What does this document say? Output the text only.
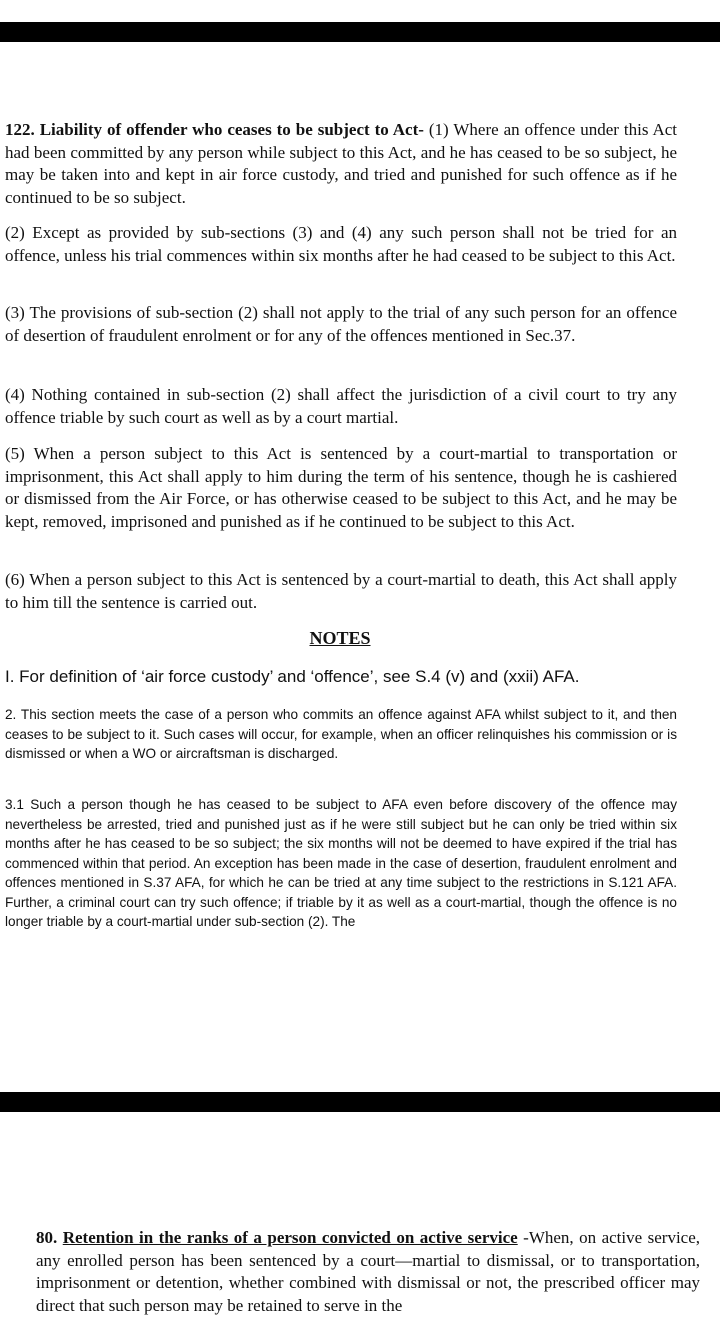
122. Liability of offender who ceases to be subject to Act- (1) Where an offence under this Act had been committed by any person while subject to this Act, and he has ceased to be so subject, he may be taken into and kept in air force custody, and tried and punished for such offence as if he continued to be so subject.

(2) Except as provided by sub-sections (3) and (4) any such person shall not be tried for an offence, unless his trial commences within six months after he had ceased to be subject to this Act.

(3) The provisions of sub-section (2) shall not apply to the trial of any such person for an offence of desertion of fraudulent enrolment or for any of the offences mentioned in Sec.37.

(4) Nothing contained in sub-section (2) shall affect the jurisdiction of a civil court to try any offence triable by such court as well as by a court martial.

(5) When a person subject to this Act is sentenced by a court-martial to transportation or imprisonment, this Act shall apply to him during the term of his sentence, though he is cashiered or dismissed from the Air Force, or has otherwise ceased to be subject to this Act, and he may be kept, removed, imprisoned and punished as if he continued to be subject to this Act.

(6) When a person subject to this Act is sentenced by a court-martial to death, this Act shall apply to him till the sentence is carried out.

NOTES

I. For definition of ‘air force custody’ and ‘offence’, see S.4 (v) and (xxii) AFA.

2. This section meets the case of a person who commits an offence against AFA whilst subject to it, and then ceases to be subject to it. Such cases will occur, for example, when an officer relinquishes his commission or is dismissed or when a WO or aircraftsman is discharged.

3.1 Such a person though he has ceased to be subject to AFA even before discovery of the offence may nevertheless be arrested, tried and punished just as if he were still subject but he can only be tried within six months after he has ceased to be so subject; the six months will not be deemed to have expired if the trial has commenced within that period. An exception has been made in the case of desertion, fraudulent enrolment and offences mentioned in S.37 AFA, for which he can be tried at any time subject to the restrictions in S.121 AFA. Further, a criminal court can try such offence; if triable by it as well as a court-martial, though the offence is no longer triable by a court-martial under sub-section (2). The

80. Retention in the ranks of a person convicted on active service -When, on active service, any enrolled person has been sentenced by a court—martial to dismissal, or to transportation, imprisonment or detention, whether combined with dismissal or not, the prescribed officer may direct that such person may be retained to serve in the
